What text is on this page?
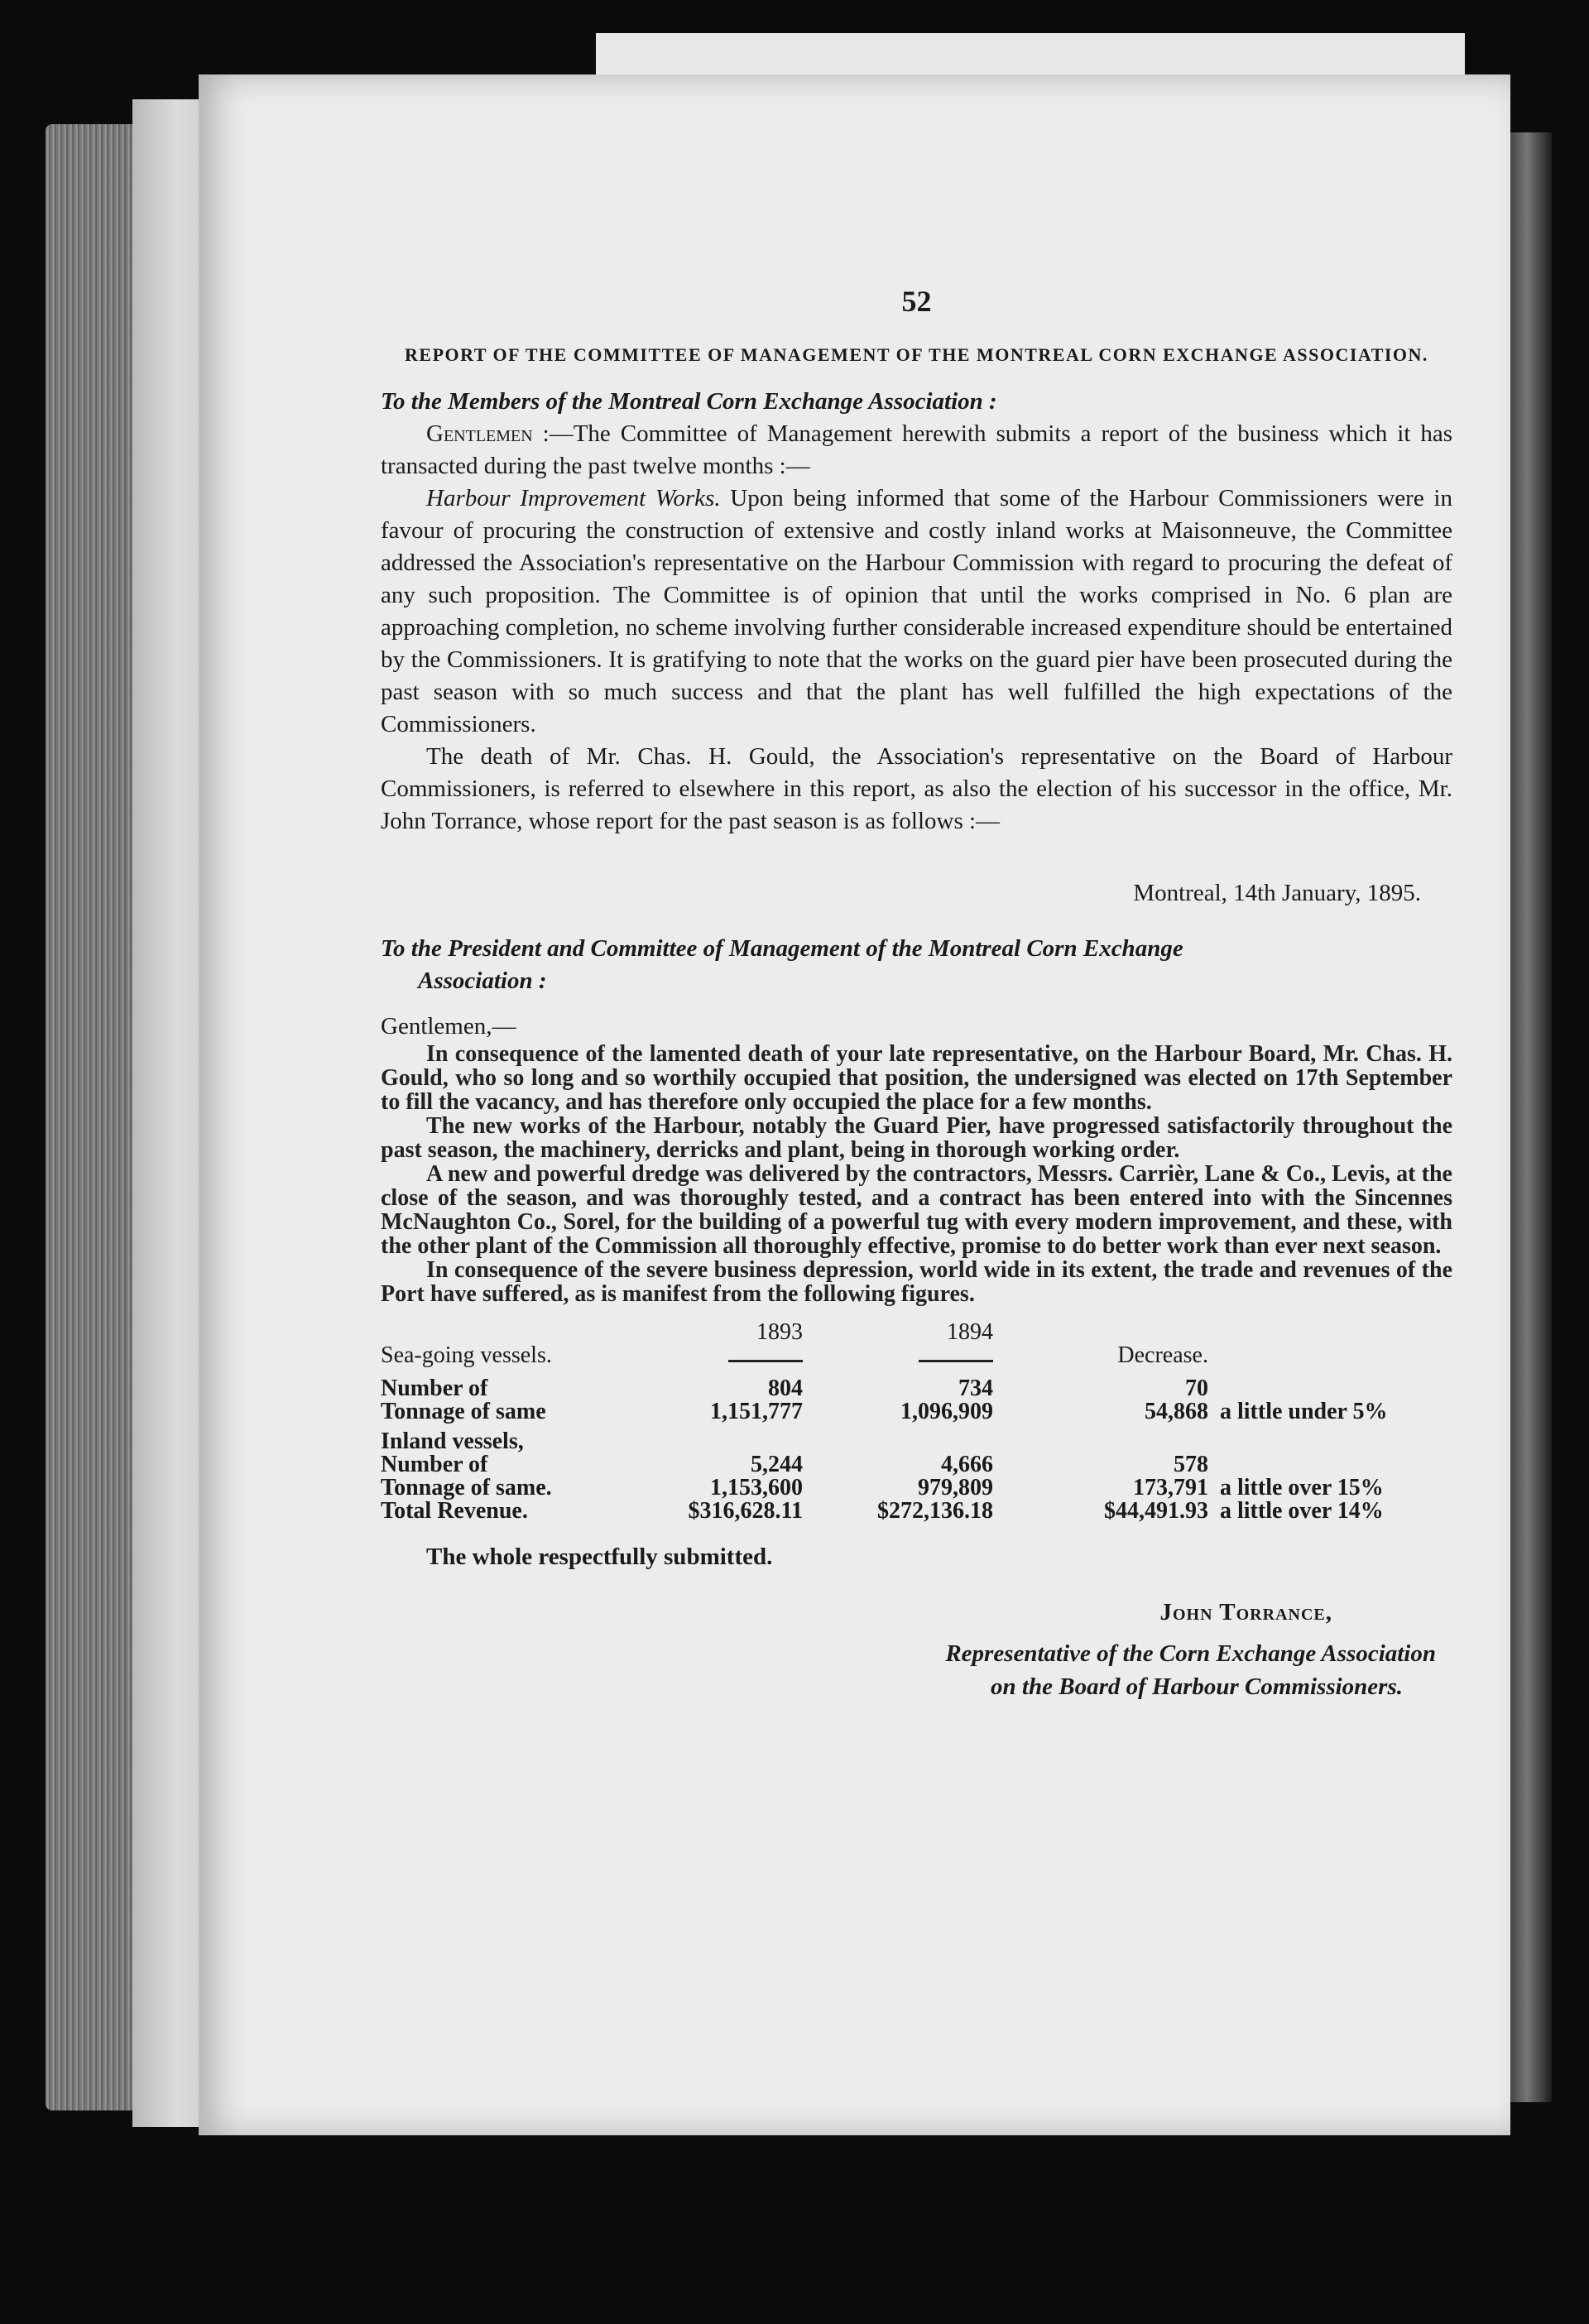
52
REPORT OF THE COMMITTEE OF MANAGEMENT OF THE MONTREAL CORN EXCHANGE ASSOCIATION.

To the Members of the Montreal Corn Exchange Association :

Gentlemen :—The Committee of Management herewith submits a report of the business which it has transacted during the past twelve months :—

Harbour Improvement Works. Upon being informed that some of the Harbour Commissioners were in favour of procuring the construction of extensive and costly inland works at Maisonneuve, the Committee addressed the Association's representative on the Harbour Commission with regard to procuring the defeat of any such proposition. The Committee is of opinion that until the works comprised in No. 6 plan are approaching completion, no scheme involving further considerable increased expenditure should be entertained by the Commissioners. It is gratifying to note that the works on the guard pier have been prosecuted during the past season with so much success and that the plant has well fulfilled the high expectations of the Commissioners.

The death of Mr. Chas. H. Gould, the Association's representative on the Board of Harbour Commissioners, is referred to elsewhere in this report, as also the election of his successor in the office, Mr. John Torrance, whose report for the past season is as follows :—

Montreal, 14th January, 1895.
To the President and Committee of Management of the Montreal Corn Exchange
Association :
Gentlemen,—

In consequence of the lamented death of your late representative, on the Harbour Board, Mr. Chas. H. Gould, who so long and so worthily occupied that position, the undersigned was elected on 17th September to fill the vacancy, and has therefore only occupied the place for a few months.

The new works of the Harbour, notably the Guard Pier, have progressed satisfactorily throughout the past season, the machinery, derricks and plant, being in thorough working order.

A new and powerful dredge was delivered by the contractors, Messrs. Carrièr, Lane & Co., Levis, at the close of the season, and was thoroughly tested, and a contract has been entered into with the Sincennes McNaughton Co., Sorel, for the building of a powerful tug with every modern improvement, and these, with the other plant of the Commission all thoroughly effective, promise to do better work than ever next season.

In consequence of the severe business depression, world wide in its extent, the trade and revenues of the Port have suffered, as is manifest from the following figures.

Sea-going vessels.	1893	1894	Decrease.	
Number of	804	734	70	
Tonnage of same	1,151,777	1,096,909	54,868	a little under 5%
Inland vessels,				
Number of	5,244	4,666	578	
Tonnage of same.	1,153,600	979,809	173,791	a little over 15%
Total Revenue.	$316,628.11	$272,136.18	$44,491.93	a little over 14%
The whole respectfully submitted.
John Torrance,
Representative of the Corn Exchange Association
on the Board of Harbour Commissioners.
